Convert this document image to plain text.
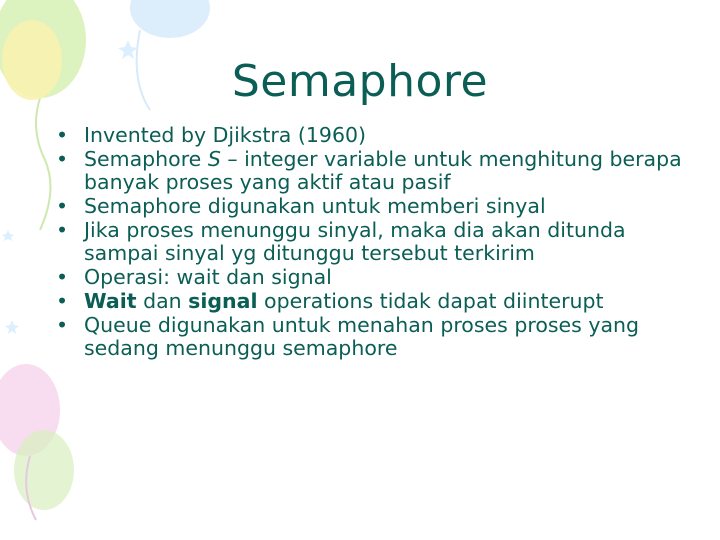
Semaphore
• Invented by Djikstra (1960)
• Semaphore S – integer variable untuk menghitung berapa banyak proses yang aktif atau pasif
• Semaphore digunakan untuk memberi sinyal
• Jika proses menunggu sinyal, maka dia akan ditunda sampai sinyal yg ditunggu tersebut terkirim
• Operasi: wait dan signal
• Wait dan signal operations tidak dapat diinterupt
• Queue digunakan untuk menahan proses proses yang sedang menunggu semaphore
